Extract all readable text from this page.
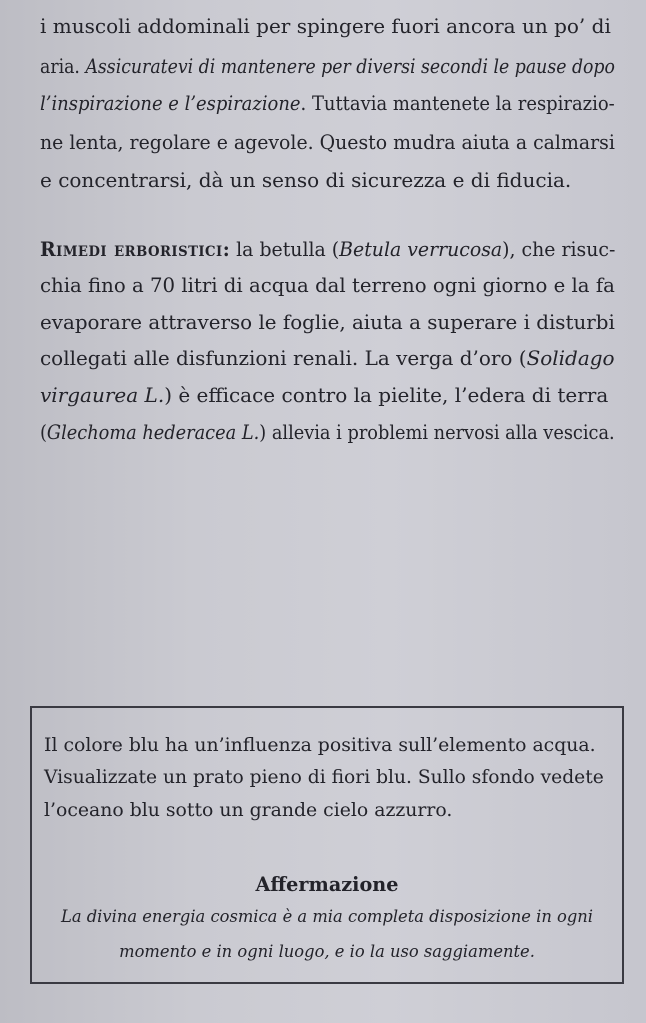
i muscoli addominali per spingere fuori ancora un po’ di
aria. Assicuratevi di mantenere per diversi secondi le pause dopo
l’inspirazione e l’espirazione. Tuttavia mantenete la respirazio-
ne lenta, regolare e agevole. Questo mudra aiuta a calmarsi
e concentrarsi, dà un senso di sicurezza e di fiducia.
Rimedi erboristici: la betulla (Betula verrucosa), che risuc-
chia fino a 70 litri di acqua dal terreno ogni giorno e la fa
evaporare attraverso le foglie, aiuta a superare i disturbi
collegati alle disfunzioni renali. La verga d’oro (Solidago
virgaurea L.) è efficace contro la pielite, l’edera di terra
(Glechoma hederacea L.) allevia i problemi nervosi alla vescica.
Il colore blu ha un’influenza positiva sull’elemento acqua.
Visualizzate un prato pieno di fiori blu. Sullo sfondo vedete
l’oceano blu sotto un grande cielo azzurro.
Affermazione
La divina energia cosmica è a mia completa disposizione in ogni
momento e in ogni luogo, e io la uso saggiamente.
